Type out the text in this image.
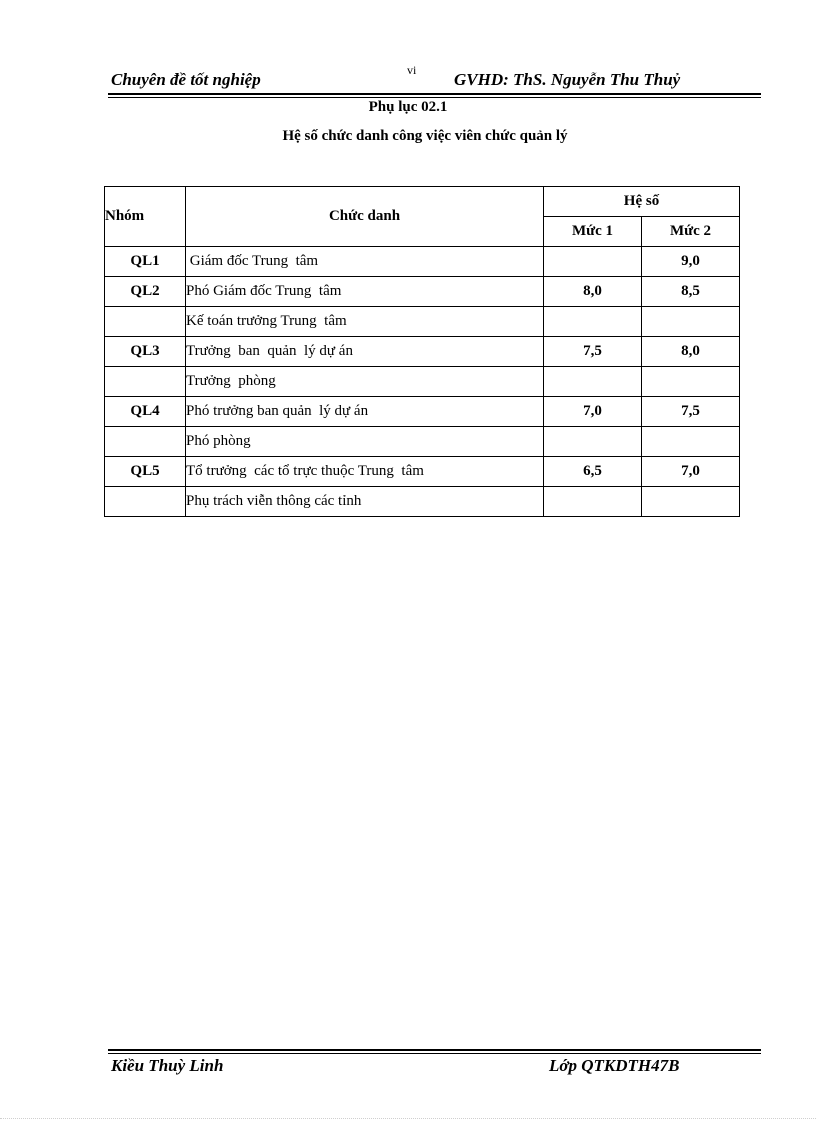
Chuyên đề tốt nghiệp	vi GVHD: ThS. Nguyễn Thu Thuỷ
Phụ lục 02.1
Hệ số chức danh công việc viên chức quản lý
Nhóm	Chức danh	Hệ số	
		Mức 1	Mức 2
QL1	Giám đốc Trung  tâm		9,0
QL2	Phó Giám đốc Trung  tâm	8,0	8,5
	Kế toán trưởng Trung  tâm		
QL3	Trưởng  ban  quản  lý dự án	7,5	8,0
	Trưởng  phòng		
QL4	Phó trưởng ban quản  lý dự án	7,0	7,5
	Phó phòng		
QL5	Tổ trưởng  các tổ trực thuộc Trung  tâm	6,5	7,0
	Phụ trách viễn thông các tỉnh		
Kiều Thuỳ Linh	Lớp QTKDTH47B
